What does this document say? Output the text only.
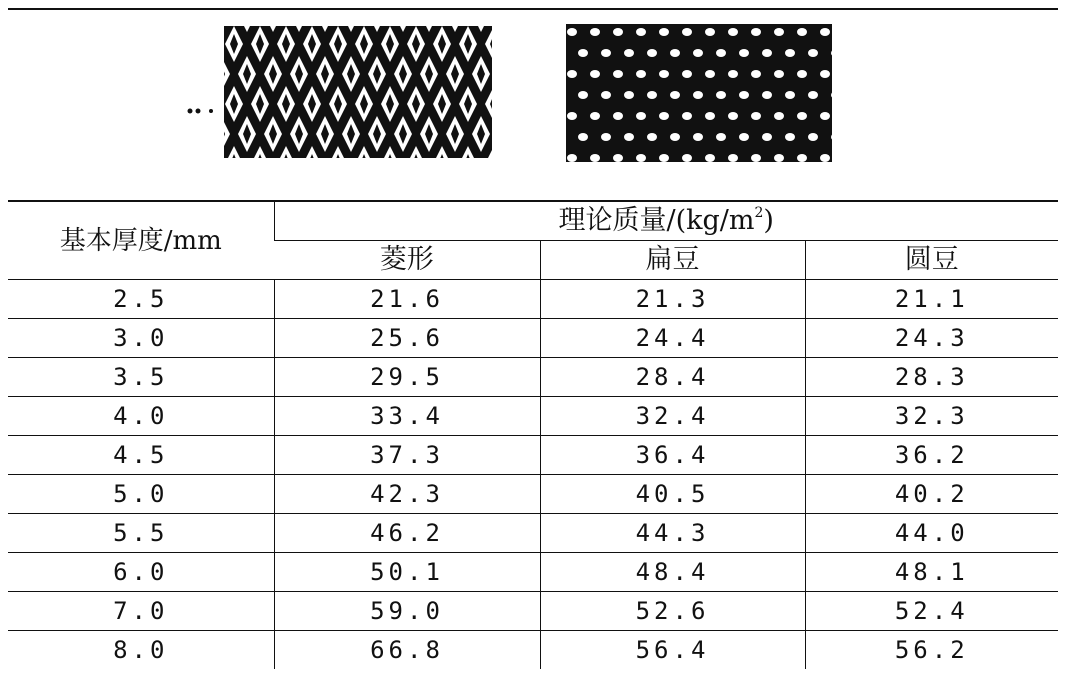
基本厚度/mm	理论质量$/(kg/m^2)$		
	菱形	扁豆	圆豆
2.5	21.6	21.3	21.1
3.0	25.6	24.4	24.3
3.5	29.5	28.4	28.3
4.0	33.4	32.4	32.3
4.5	37.3	36.4	36.2
5.0	42.3	40.5	40.2
5.5	46.2	44.3	44.0
6.0	50.1	48.4	48.1
7.0	59.0	52.6	52.4
8.0	66.8	56.4	56.2
